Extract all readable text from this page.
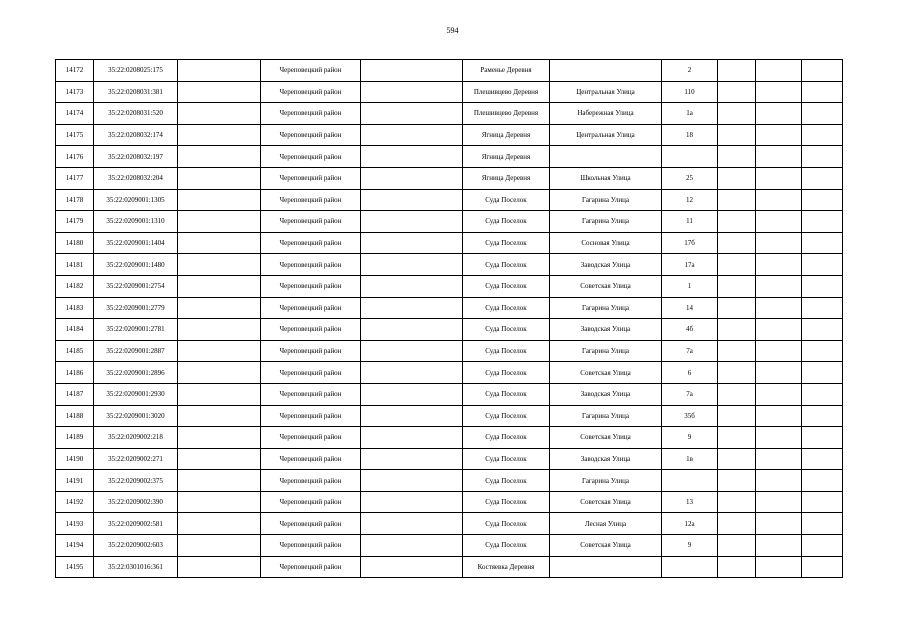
594
14172	35:22:0208025:175		Череповецкий район		Раменье Деревня		2			
14173	35:22:0208031:381		Череповецкий район		Плешивцево Деревня	Центральная Улица	110			
14174	35:22:0208031:520		Череповецкий район		Плешивцево Деревня	Набережная Улица	1а			
14175	35:22:0208032:174		Череповецкий район		Ягница Деревня	Центральная Улица	18			
14176	35:22:0208032:197		Череповецкий район		Ягница Деревня					
14177	35:22:0208032:204		Череповецкий район		Ягница Деревня	Школьная Улица	25			
14178	35:22:0209001:1305		Череповецкий район		Суда Поселок	Гагарина Улица	12			
14179	35:22:0209001:1310		Череповецкий район		Суда Поселок	Гагарина Улица	11			
14180	35:22:0209001:1404		Череповецкий район		Суда Поселок	Сосновая Улица	17б			
14181	35:22:0209001:1480		Череповецкий район		Суда Поселок	Заводская Улица	17а			
14182	35:22:0209001:2754		Череповецкий район		Суда Поселок	Советская Улица	1			
14183	35:22:0209001:2779		Череповецкий район		Суда Поселок	Гагарина Улица	14			
14184	35:22:0209001:2781		Череповецкий район		Суда Поселок	Заводская Улица	4б			
14185	35:22:0209001:2887		Череповецкий район		Суда Поселок	Гагарина Улица	7а			
14186	35:22:0209001:2896		Череповецкий район		Суда Поселок	Советская Улица	6			
14187	35:22:0209001:2930		Череповецкий район		Суда Поселок	Заводская Улица	7а			
14188	35:22:0209001:3020		Череповецкий район		Суда Поселок	Гагарина Улица	35б			
14189	35:22:0209002:218		Череповецкий район		Суда Поселок	Советская Улица	9			
14190	35:22:0209002:271		Череповецкий район		Суда Поселок	Заводская Улица	1в			
14191	35:22:0209002:375		Череповецкий район		Суда Поселок	Гагарина Улица				
14192	35:22:0209002:390		Череповецкий район		Суда Поселок	Советская Улица	13			
14193	35:22:0209002:581		Череповецкий район		Суда Поселок	Лесная Улица	12а			
14194	35:22:0209002:603		Череповецкий район		Суда Поселок	Советская Улица	9			
14195	35:22:0301016:361		Череповецкий район		Костяевка Деревня					
